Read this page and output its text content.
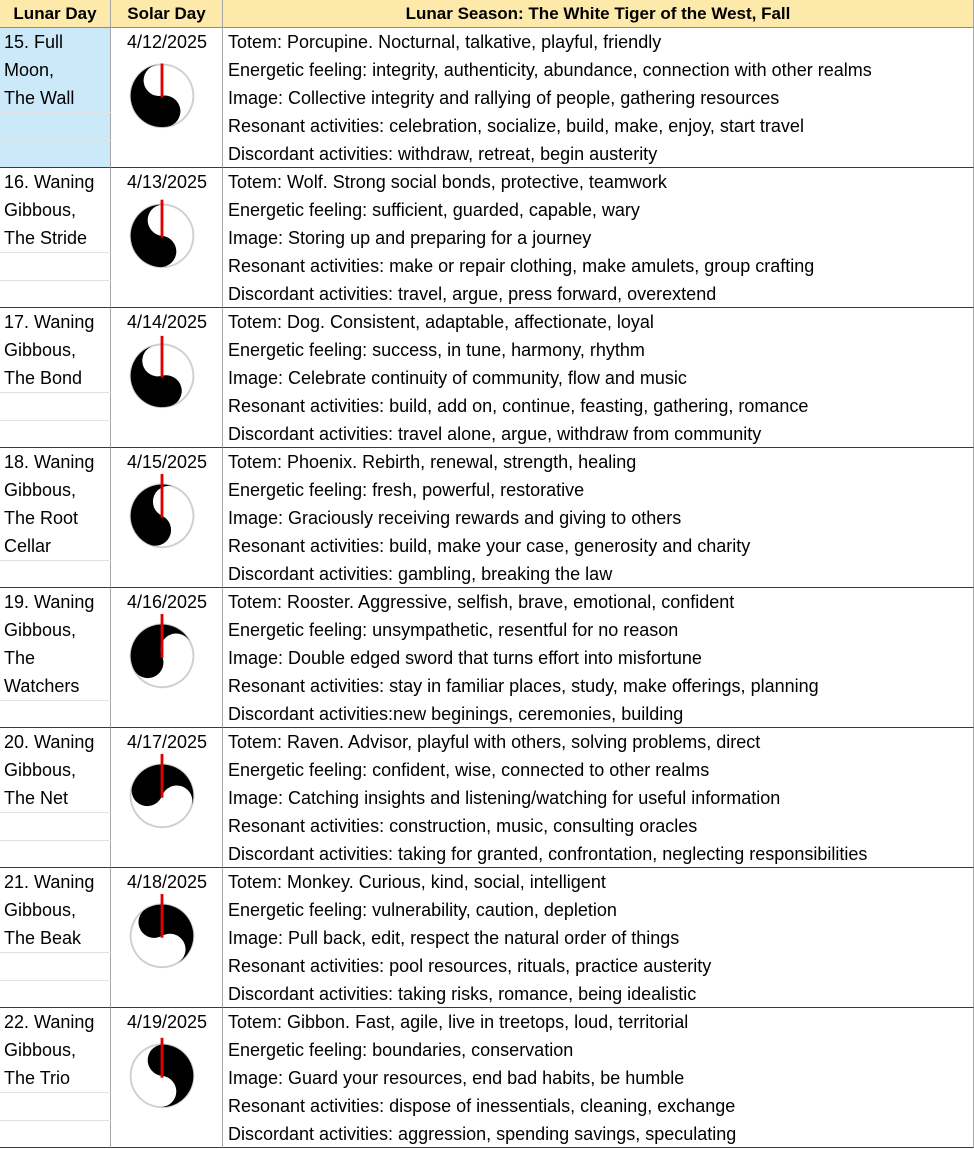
Lunar Day	Solar Day	Lunar Season: The White Tiger of the West, Fall
15. Full
Moon,
The Wall
4/12/2025	Totem: Porcupine. Nocturnal, talkative, playful, friendly
Energetic feeling: integrity, authenticity, abundance, connection with other realms
Image: Collective integrity and rallying of people, gathering resources
Resonant activities: celebration, socialize, build, make, enjoy, start travel
Discordant activities: withdraw, retreat, begin austerity
16. Waning
Gibbous,
The Stride
4/13/2025	Totem: Wolf. Strong social bonds, protective, teamwork
Energetic feeling: sufficient, guarded, capable, wary
Image: Storing up and preparing for a journey
Resonant activities: make or repair clothing, make amulets, group crafting
Discordant activities: travel, argue, press forward, overextend
17. Waning
Gibbous,
The Bond
4/14/2025	Totem: Dog. Consistent, adaptable, affectionate, loyal
Energetic feeling: success, in tune, harmony, rhythm
Image: Celebrate continuity of community, flow and music
Resonant activities: build, add on, continue, feasting, gathering, romance
Discordant activities: travel alone, argue, withdraw from community
18. Waning
Gibbous,
The Root
Cellar
4/15/2025	Totem: Phoenix. Rebirth, renewal, strength, healing
Energetic feeling: fresh, powerful, restorative
Image: Graciously receiving rewards and giving to others
Resonant activities: build, make your case, generosity and charity
Discordant activities: gambling, breaking the law
19. Waning
Gibbous,
The
Watchers
4/16/2025	Totem: Rooster. Aggressive, selfish, brave, emotional, confident
Energetic feeling: unsympathetic, resentful for no reason
Image: Double edged sword that turns effort into misfortune
Resonant activities: stay in familiar places, study, make offerings, planning
Discordant activities:new beginings, ceremonies, building
20. Waning
Gibbous,
The Net
4/17/2025	Totem: Raven. Advisor, playful with others, solving problems, direct
Energetic feeling: confident, wise, connected to other realms
Image: Catching insights and listening/watching for useful information
Resonant activities: construction, music, consulting oracles
Discordant activities: taking for granted, confrontation, neglecting responsibilities
21. Waning
Gibbous,
The Beak
4/18/2025	Totem: Monkey. Curious, kind, social, intelligent
Energetic feeling: vulnerability, caution, depletion
Image: Pull back, edit, respect the natural order of things
Resonant activities: pool resources, rituals, practice austerity
Discordant activities: taking risks, romance, being idealistic
22. Waning
Gibbous,
The Trio
4/19/2025	Totem: Gibbon. Fast, agile, live in treetops, loud, territorial
Energetic feeling: boundaries, conservation
Image: Guard your resources, end bad habits, be humble
Resonant activities: dispose of inessentials, cleaning, exchange
Discordant activities: aggression, spending savings, speculating
